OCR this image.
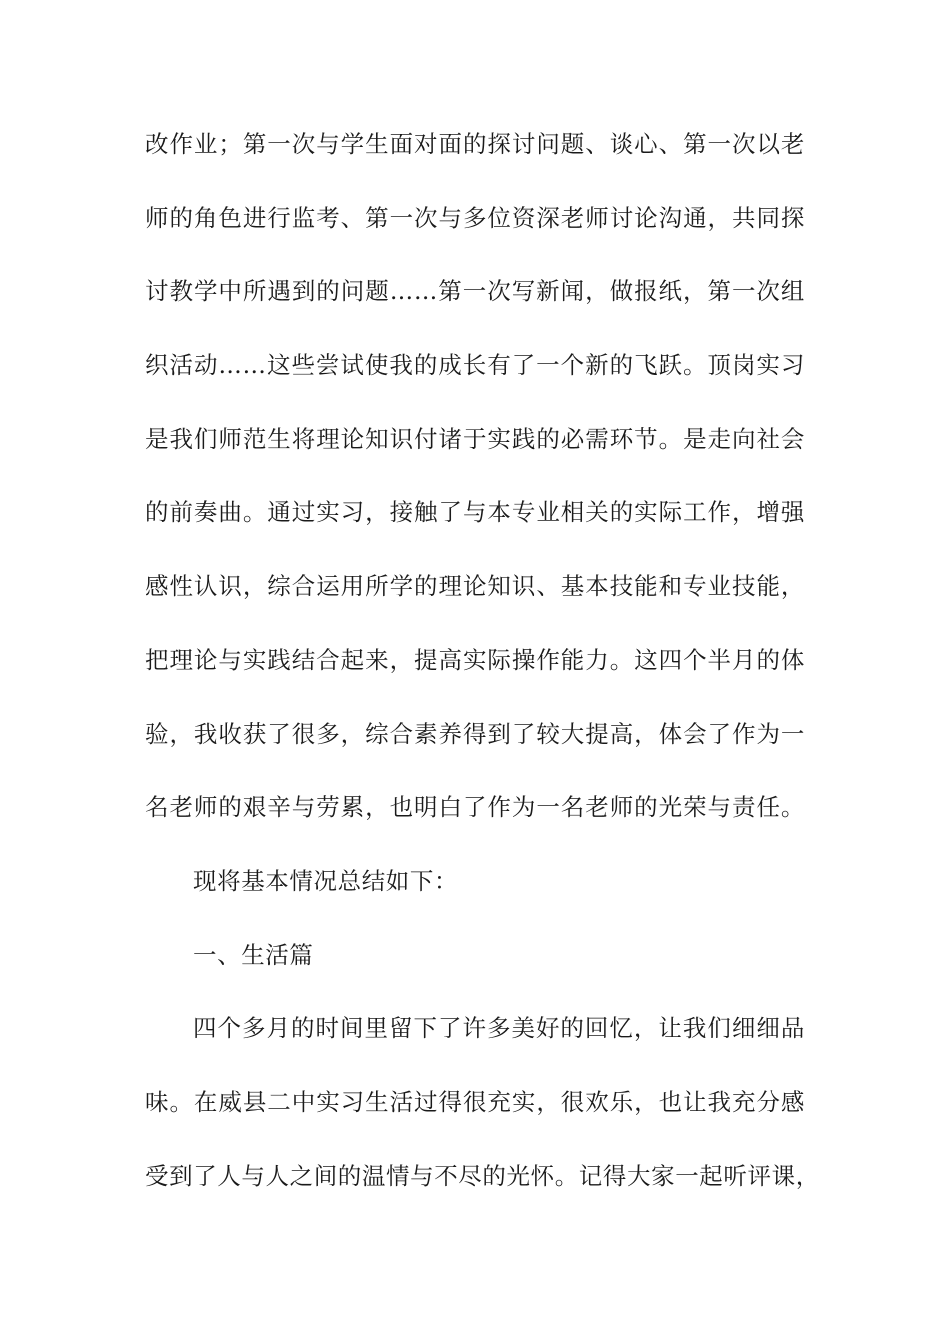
改作业；第一次与学生面对面的探讨问题、谈心、第一次以老
师的角色进行监考、第一次与多位资深老师讨论沟通，共同探
讨教学中所遇到的问题……第一次写新闻，做报纸，第一次组
织活动……这些尝试使我的成长有了一个新的飞跃。顶岗实习
是我们师范生将理论知识付诸于实践的必需环节。是走向社会
的前奏曲。通过实习，接触了与本专业相关的实际工作，增强
感性认识，综合运用所学的理论知识、基本技能和专业技能，
把理论与实践结合起来，提高实际操作能力。这四个半月的体
验，我收获了很多，综合素养得到了较大提高，体会了作为一
名老师的艰辛与劳累，也明白了作为一名老师的光荣与责任。
现将基本情况总结如下：
一、生活篇
四个多月的时间里留下了许多美好的回忆，让我们细细品
味。在威县二中实习生活过得很充实，很欢乐，也让我充分感
受到了人与人之间的温情与不尽的光怀。记得大家一起听评课，
